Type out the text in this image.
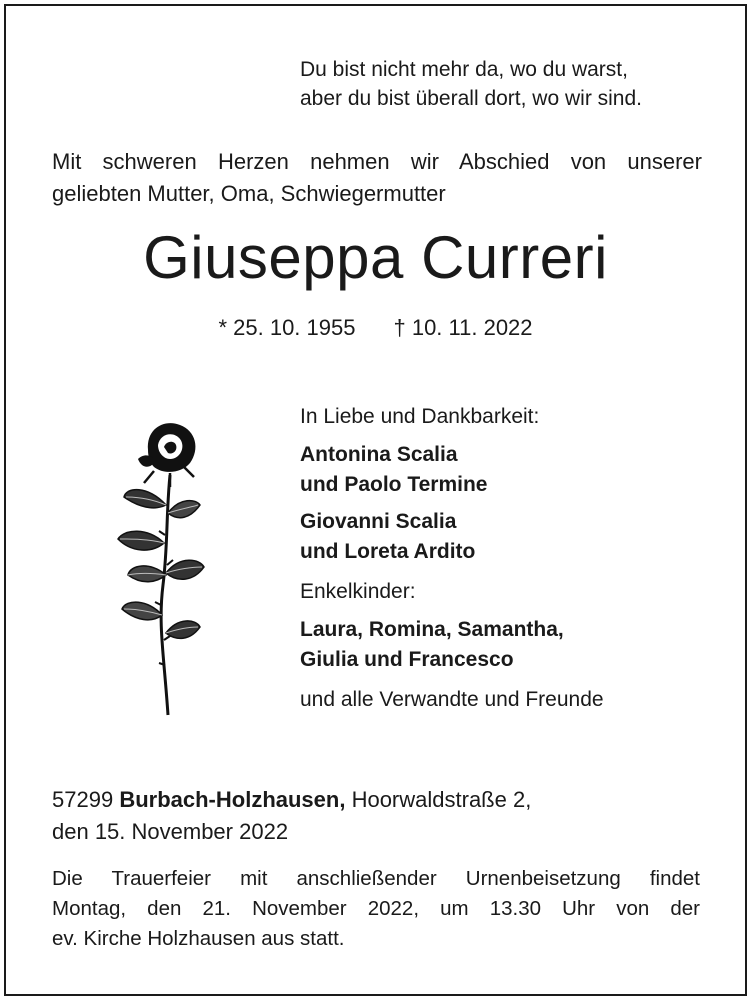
Du bist nicht mehr da, wo du warst,
aber du bist überall dort, wo wir sind.
Mit schweren Herzen nehmen wir Abschied von unserer
geliebten Mutter, Oma, Schwiegermutter
Giuseppa Curreri
* 25. 10. 1955 † 10. 11. 2022
In Liebe und Dankbarkeit:
Antonina Scalia
und Paolo Termine
Giovanni Scalia
und Loreta Ardito
Enkelkinder:
Laura, Romina, Samantha,
Giulia und Francesco
und alle Verwandte und Freunde
57299 Burbach-Holzhausen, Hoorwaldstraße 2,
den 15. November 2022
Die Trauerfeier mit anschließender Urnenbeisetzung findet
Montag, den 21. November 2022, um 13.30 Uhr von der
ev. Kirche Holzhausen aus statt.
